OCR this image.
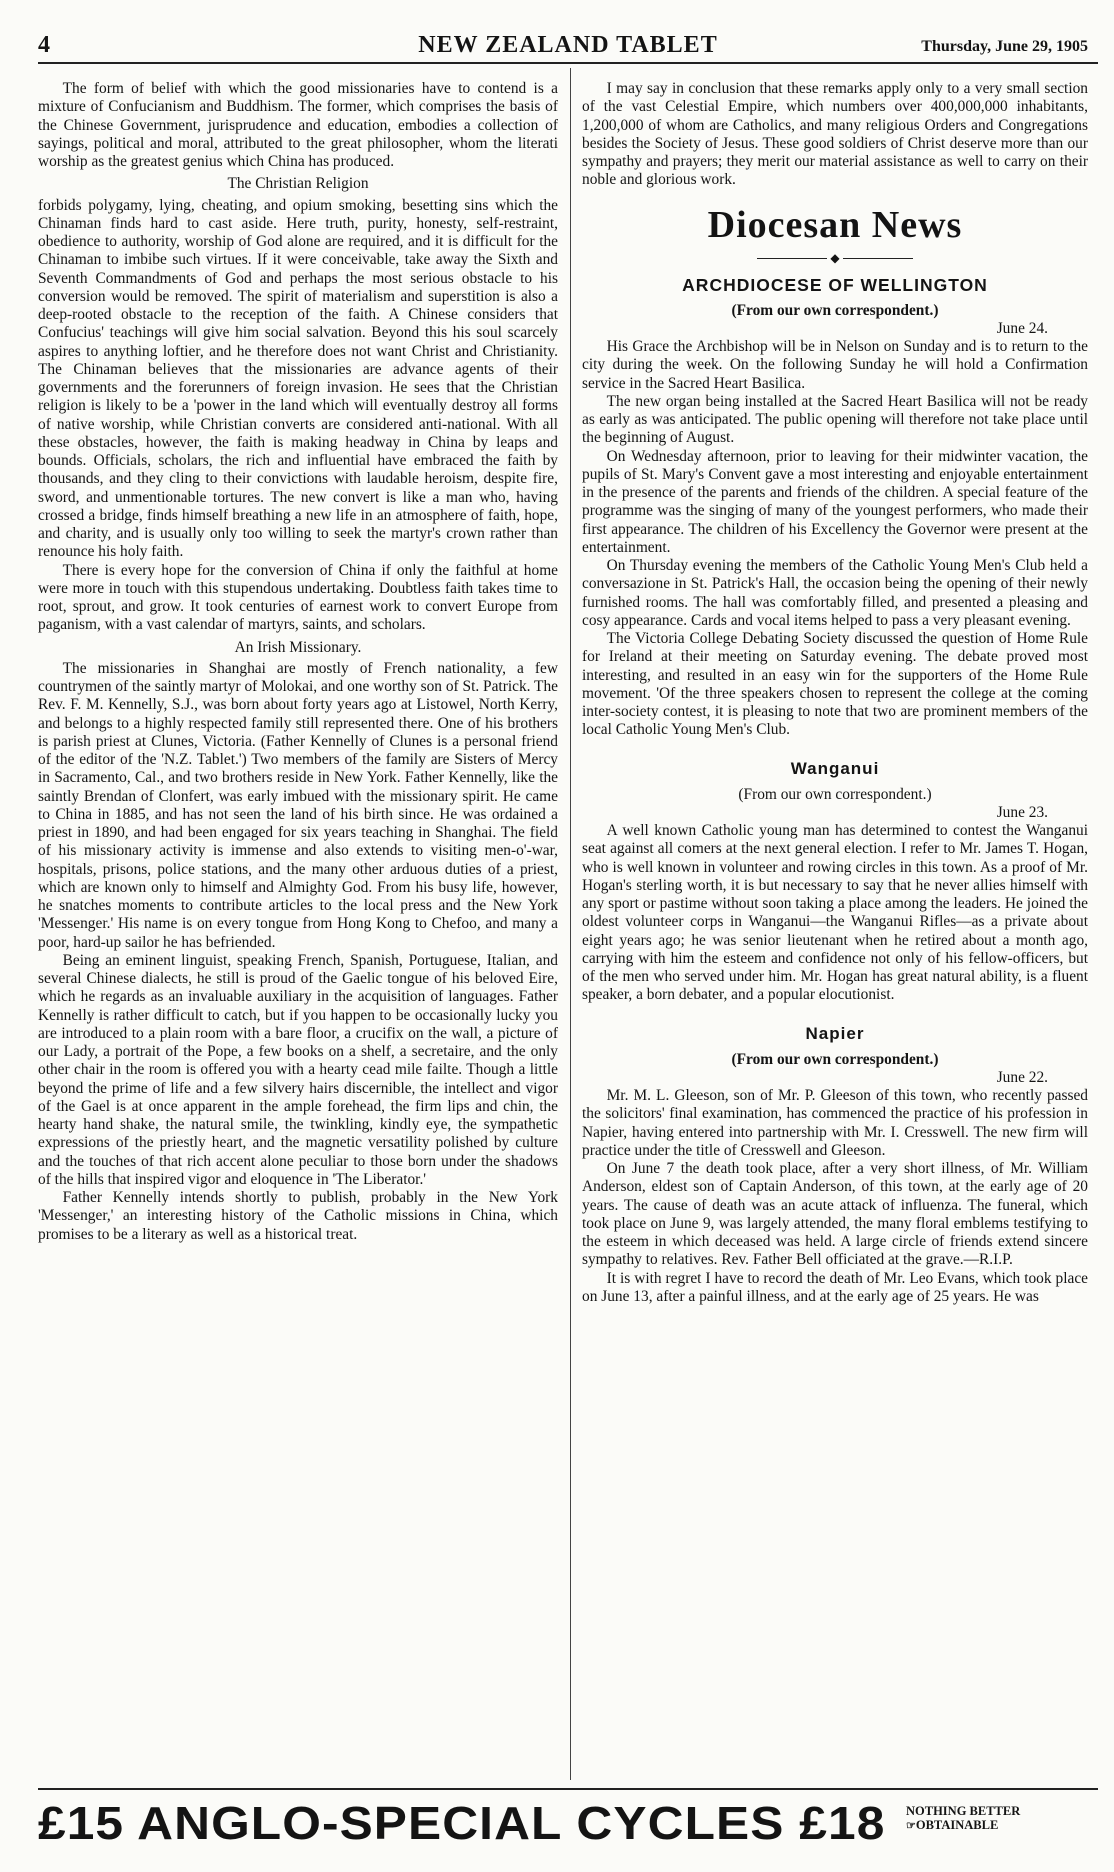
4	NEW ZEALAND TABLET	Thursday, June 29, 1905

The form of belief with which the good missionaries have to contend is a mixture of Confucianism and Buddhism. The former, which comprises the basis of the Chinese Government, jurisprudence and education, embodies a collection of sayings, political and moral, attributed to the great philosopher, whom the literati worship as the greatest genius which China has produced.

The Christian Religion

forbids polygamy, lying, cheating, and opium smoking, besetting sins which the Chinaman finds hard to cast aside. Here truth, purity, honesty, self-restraint, obedience to authority, worship of God alone are required, and it is difficult for the Chinaman to imbibe such virtues. If it were conceivable, take away the Sixth and Seventh Commandments of God and perhaps the most serious obstacle to his conversion would be removed. The spirit of materialism and superstition is also a deep-rooted obstacle to the reception of the faith. A Chinese considers that Confucius' teachings will give him social salvation. Beyond this his soul scarcely aspires to anything loftier, and he therefore does not want Christ and Christianity. The Chinaman believes that the missionaries are advance agents of their governments and the forerunners of foreign invasion. He sees that the Christian religion is likely to be a 'power in the land which will eventually destroy all forms of native worship, while Christian converts are considered anti-national. With all these obstacles, however, the faith is making headway in China by leaps and bounds. Officials, scholars, the rich and influential have embraced the faith by thousands, and they cling to their convictions with laudable heroism, despite fire, sword, and unmentionable tortures. The new convert is like a man who, having crossed a bridge, finds himself breathing a new life in an atmosphere of faith, hope, and charity, and is usually only too willing to seek the martyr's crown rather than renounce his holy faith.

There is every hope for the conversion of China if only the faithful at home were more in touch with this stupendous undertaking. Doubtless faith takes time to root, sprout, and grow. It took centuries of earnest work to convert Europe from paganism, with a vast calendar of martyrs, saints, and scholars.

An Irish Missionary.

The missionaries in Shanghai are mostly of French nationality, a few countrymen of the saintly martyr of Molokai, and one worthy son of St. Patrick. The Rev. F. M. Kennelly, S.J., was born about forty years ago at Listowel, North Kerry, and belongs to a highly respected family still represented there. One of his brothers is parish priest at Clunes, Victoria. (Father Kennelly of Clunes is a personal friend of the editor of the 'N.Z. Tablet.') Two members of the family are Sisters of Mercy in Sacramento, Cal., and two brothers reside in New York. Father Kennelly, like the saintly Brendan of Clonfert, was early imbued with the missionary spirit. He came to China in 1885, and has not seen the land of his birth since. He was ordained a priest in 1890, and had been engaged for six years teaching in Shanghai. The field of his missionary activity is immense and also extends to visiting men-o'-war, hospitals, prisons, police stations, and the many other arduous duties of a priest, which are known only to himself and Almighty God. From his busy life, however, he snatches moments to contribute articles to the local press and the New York 'Messenger.' His name is on every tongue from Hong Kong to Chefoo, and many a poor, hard-up sailor he has befriended.

Being an eminent linguist, speaking French, Spanish, Portuguese, Italian, and several Chinese dialects, he still is proud of the Gaelic tongue of his beloved Eire, which he regards as an invaluable auxiliary in the acquisition of languages. Father Kennelly is rather difficult to catch, but if you happen to be occasionally lucky you are introduced to a plain room with a bare floor, a crucifix on the wall, a picture of our Lady, a portrait of the Pope, a few books on a shelf, a secretaire, and the only other chair in the room is offered you with a hearty cead mile failte. Though a little beyond the prime of life and a few silvery hairs discernible, the intellect and vigor of the Gael is at once apparent in the ample forehead, the firm lips and chin, the hearty hand shake, the natural smile, the twinkling, kindly eye, the sympathetic expressions of the priestly heart, and the magnetic versatility polished by culture and the touches of that rich accent alone peculiar to those born under the shadows of the hills that inspired vigor and eloquence in 'The Liberator.'

Father Kennelly intends shortly to publish, probably in the New York 'Messenger,' an interesting history of the Catholic missions in China, which promises to be a literary as well as a historical treat.

I may say in conclusion that these remarks apply only to a very small section of the vast Celestial Empire, which numbers over 400,000,000 inhabitants, 1,200,000 of whom are Catholics, and many religious Orders and Congregations besides the Society of Jesus. These good soldiers of Christ deserve more than our sympathy and prayers; they merit our material assistance as well to carry on their noble and glorious work.

Diocesan News
◆
ARCHDIOCESE OF WELLINGTON
(From our own correspondent.)
June 24.

His Grace the Archbishop will be in Nelson on Sunday and is to return to the city during the week. On the following Sunday he will hold a Confirmation service in the Sacred Heart Basilica.

The new organ being installed at the Sacred Heart Basilica will not be ready as early as was anticipated. The public opening will therefore not take place until the beginning of August.

On Wednesday afternoon, prior to leaving for their midwinter vacation, the pupils of St. Mary's Convent gave a most interesting and enjoyable entertainment in the presence of the parents and friends of the children. A special feature of the programme was the singing of many of the youngest performers, who made their first appearance. The children of his Excellency the Governor were present at the entertainment.

On Thursday evening the members of the Catholic Young Men's Club held a conversazione in St. Patrick's Hall, the occasion being the opening of their newly furnished rooms. The hall was comfortably filled, and presented a pleasing and cosy appearance. Cards and vocal items helped to pass a very pleasant evening.

The Victoria College Debating Society discussed the question of Home Rule for Ireland at their meeting on Saturday evening. The debate proved most interesting, and resulted in an easy win for the supporters of the Home Rule movement. 'Of the three speakers chosen to represent the college at the coming inter-society contest, it is pleasing to note that two are prominent members of the local Catholic Young Men's Club.

Wanganui
(From our own correspondent.)
June 23.

A well known Catholic young man has determined to contest the Wanganui seat against all comers at the next general election. I refer to Mr. James T. Hogan, who is well known in volunteer and rowing circles in this town. As a proof of Mr. Hogan's sterling worth, it is but necessary to say that he never allies himself with any sport or pastime without soon taking a place among the leaders. He joined the oldest volunteer corps in Wanganui—the Wanganui Rifles—as a private about eight years ago; he was senior lieutenant when he retired about a month ago, carrying with him the esteem and confidence not only of his fellow-officers, but of the men who served under him. Mr. Hogan has great natural ability, is a fluent speaker, a born debater, and a popular elocutionist.

Napier
(From our own correspondent.)
June 22.

Mr. M. L. Gleeson, son of Mr. P. Gleeson of this town, who recently passed the solicitors' final examination, has commenced the practice of his profession in Napier, having entered into partnership with Mr. I. Cresswell. The new firm will practice under the title of Cresswell and Gleeson.

On June 7 the death took place, after a very short illness, of Mr. William Anderson, eldest son of Captain Anderson, of this town, at the early age of 20 years. The cause of death was an acute attack of influenza. The funeral, which took place on June 9, was largely attended, the many floral emblems testifying to the esteem in which deceased was held. A large circle of friends extend sincere sympathy to relatives. Rev. Father Bell officiated at the grave.—R.I.P.

It is with regret I have to record the death of Mr. Leo Evans, which took place on June 13, after a painful illness, and at the early age of 25 years. He was

£15 ANGLO-SPECIAL CYCLES £18 NOTHING BETTER
☞OBTAINABLE
